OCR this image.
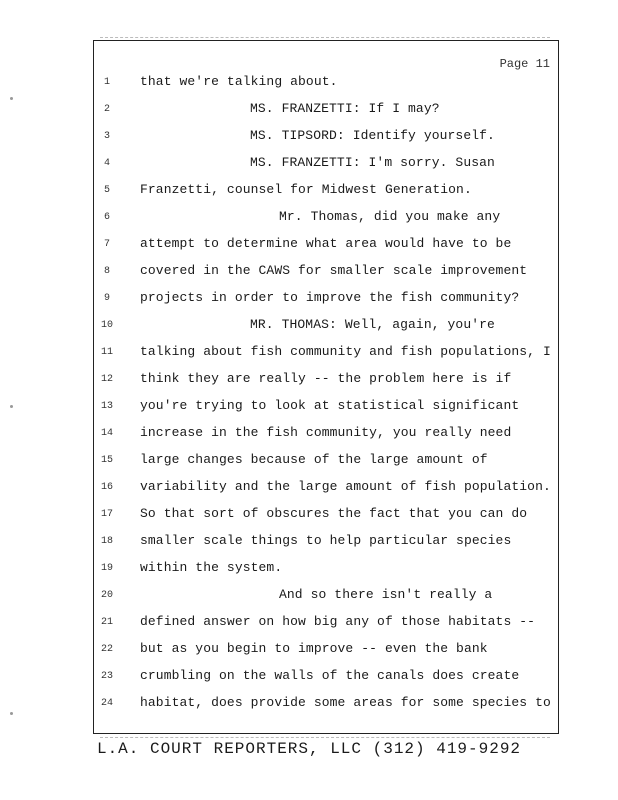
Page 11
1	that we're talking about.
2	MS. FRANZETTI: If I may?
3	MS. TIPSORD: Identify yourself.
4	MS. FRANZETTI: I'm sorry. Susan
5	Franzetti, counsel for Midwest Generation.
6	Mr. Thomas, did you make any
7	attempt to determine what area would have to be
8	covered in the CAWS for smaller scale improvement
9	projects in order to improve the fish community?
10	MR. THOMAS: Well, again, you're
11	talking about fish community and fish populations, I
12	think they are really -- the problem here is if
13	you're trying to look at statistical significant
14	increase in the fish community, you really need
15	large changes because of the large amount of
16	variability and the large amount of fish population.
17	So that sort of obscures the fact that you can do
18	smaller scale things to help particular species
19	within the system.
20	And so there isn't really a
21	defined answer on how big any of those habitats --
22	but as you begin to improve -- even the bank
23	crumbling on the walls of the canals does create
24	habitat, does provide some areas for some species to
L.A. COURT REPORTERS, LLC (312) 419-9292
